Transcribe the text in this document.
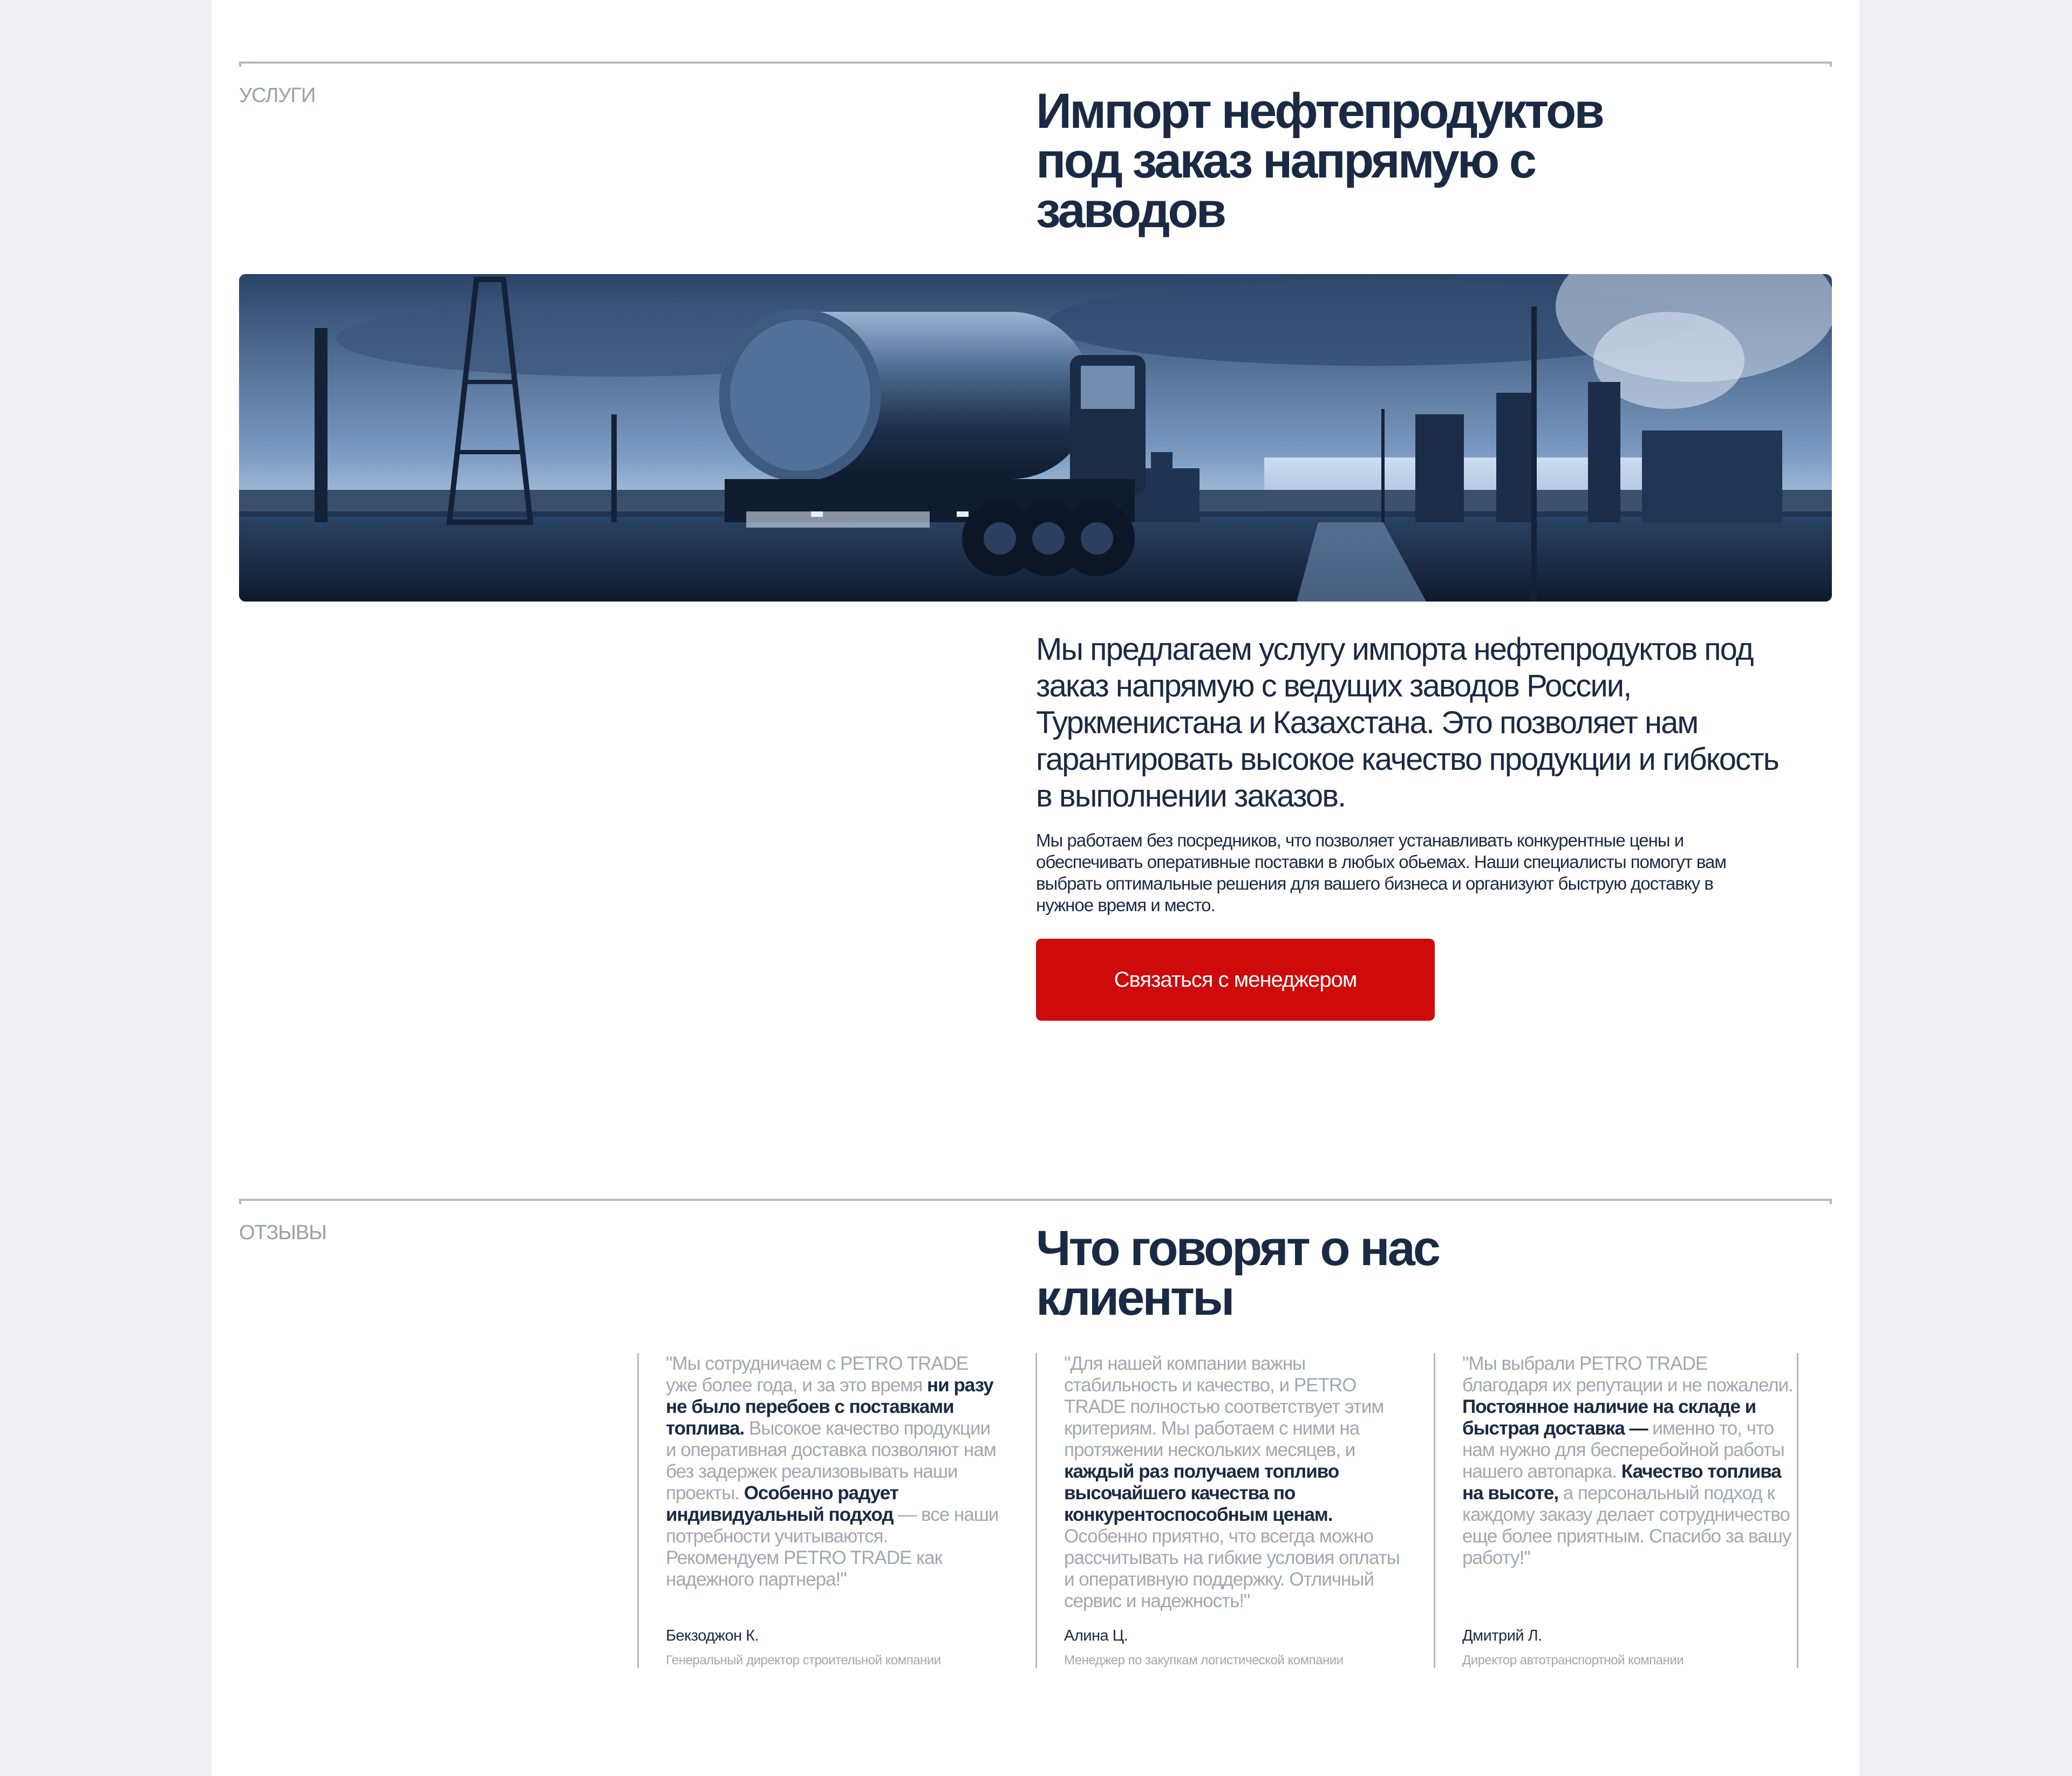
УСЛУГИ	Импорт нефтепродуктов
под заказ напрямую с
заводов
Мы предлагаем услугу импорта нефтепродуктов под заказ напрямую с ведущих заводов России, Туркменистана и Казахстана. Это позволяет нам гарантировать высокое качество продукции и гибкость в выполнении заказов.
Мы работаем без посредников, что позволяет устанавливать конкурентные цены и обеспечивать оперативные поставки в любых обьемах. Наши специалисты помогут вам выбрать оптимальные решения для вашего бизнеса и организуют быструю доставку в нужное время и место.
Связаться с менеджером
ОТЗЫВЫ	Что говорят о нас
клиенты
"Мы сотрудничаем с PETRO TRADE уже более года, и за это время ни разу не было перебоев с поставками топлива. Высокое качество продукции и оперативная доставка позволяют нам без задержек реализовывать наши проекты. Особенно радует индивидуальный подход — все наши потребности учитываются. Рекомендуем PETRO TRADE как надежного партнера!"
Бекзоджон К.
Генеральный директор строительной компании
"Для нашей компании важны стабильность и качество, и PETRO TRADE полностью соответствует этим критериям. Мы работаем с ними на протяжении нескольких месяцев, и каждый раз получаем топливо высочайшего качества по конкурентоспособным ценам. Особенно приятно, что всегда можно рассчитывать на гибкие условия оплаты и оперативную поддержку. Отличный сервис и надежность!"
Алина Ц.
Менеджер по закупкам логистической компании
"Мы выбрали PETRO TRADE благодаря их репутации и не пожалели. Постоянное наличие на складе и быстрая доставка — именно то, что нам нужно для бесперебойной работы нашего автопарка. Качество топлива на высоте, а персональный подход к каждому заказу делает сотрудничество еще более приятным. Спасибо за вашу работу!"
Дмитрий Л.
Директор автотранспортной компании
